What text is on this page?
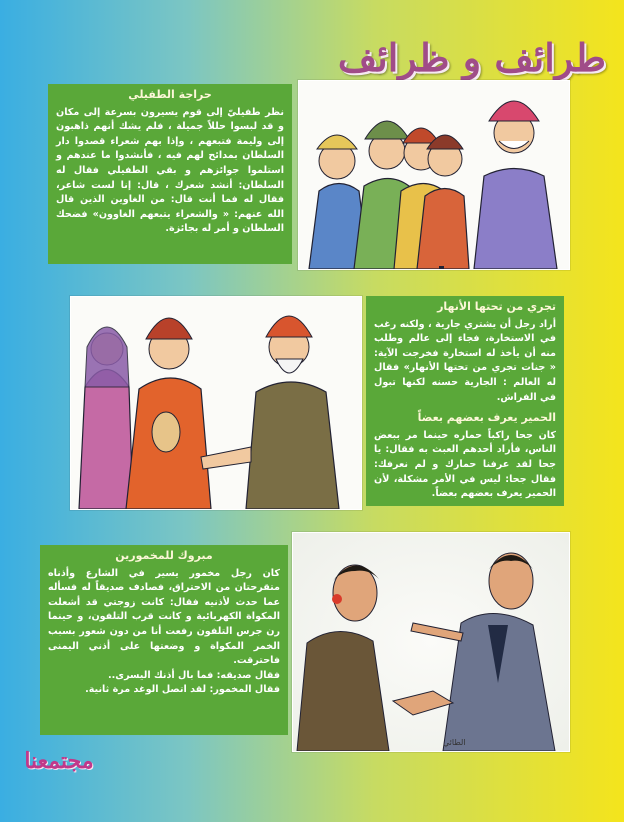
طرائف و ظرائف
حراجة الطفيلي

نظر طفيليّ إلى قوم يسيرون بسرعة إلى مكان و قد لبسوا حللاً جميلة ، فلم يشك أنهم ذاهبون إلى وليمة فتبعهم ، وإذا بهم شعراء قصدوا دار السلطان بمدائح لهم فيه ، فأنشدوا ما عندهم و استلموا جوائزهم و بقي الطفيلي فقال له السلطان: أنشد شعرك ، قال: إنا لست شاعر، فقال له فما أنت قال: من الغاوين الذين قال الله عنهم: « والشعراء يتبعهم الغاوون» فضحك السلطان و أمر له بجائزة.

تجري من تحتها الأنهار

أراد رجل أن يشتري جارية ، ولكنه رغب في الاستخارة، فجاء إلى عالم وطلب منه أن يأخذ له استخارة فخرجت الآية: « جنات تجري من تحتها الأنهار» فقال له العالم : الجارية حسنه لكنها تبول في الفراش.

الحمير يعرف بعضهم بعضاً

كان جحا راكباً حماره حينما مر ببعض الناس، فأراد أحدهم العبث به فقال: يا جحا لقد عرفنا حمارك و لم نعرفك: فقال جحا: ليس في الأمر مشكلة، لأن الحمير يعرف بعضهم بعضاً.

مبروك للمخمورين

كان رجل مخمور يسير في الشارع وأذناه متقرحتان من الاحتراق، فصادف صديقاً له فسأله عما حدث لأذنيه فقال: كانت زوجتي قد أشعلت المكواة الكهربائية و كانت قرب التلفون، و حينما رن جرس التلفون رفعت أنا من دون شعور بسبب الخمر المكواة و وضعتها على أذني اليمنى فاحترقت.

فقال صديقه: فما بال أذنك اليسرى..

فقال المخمور: لقد اتصل الوغد مرة ثانية.

الطائي
مجتمعنا
